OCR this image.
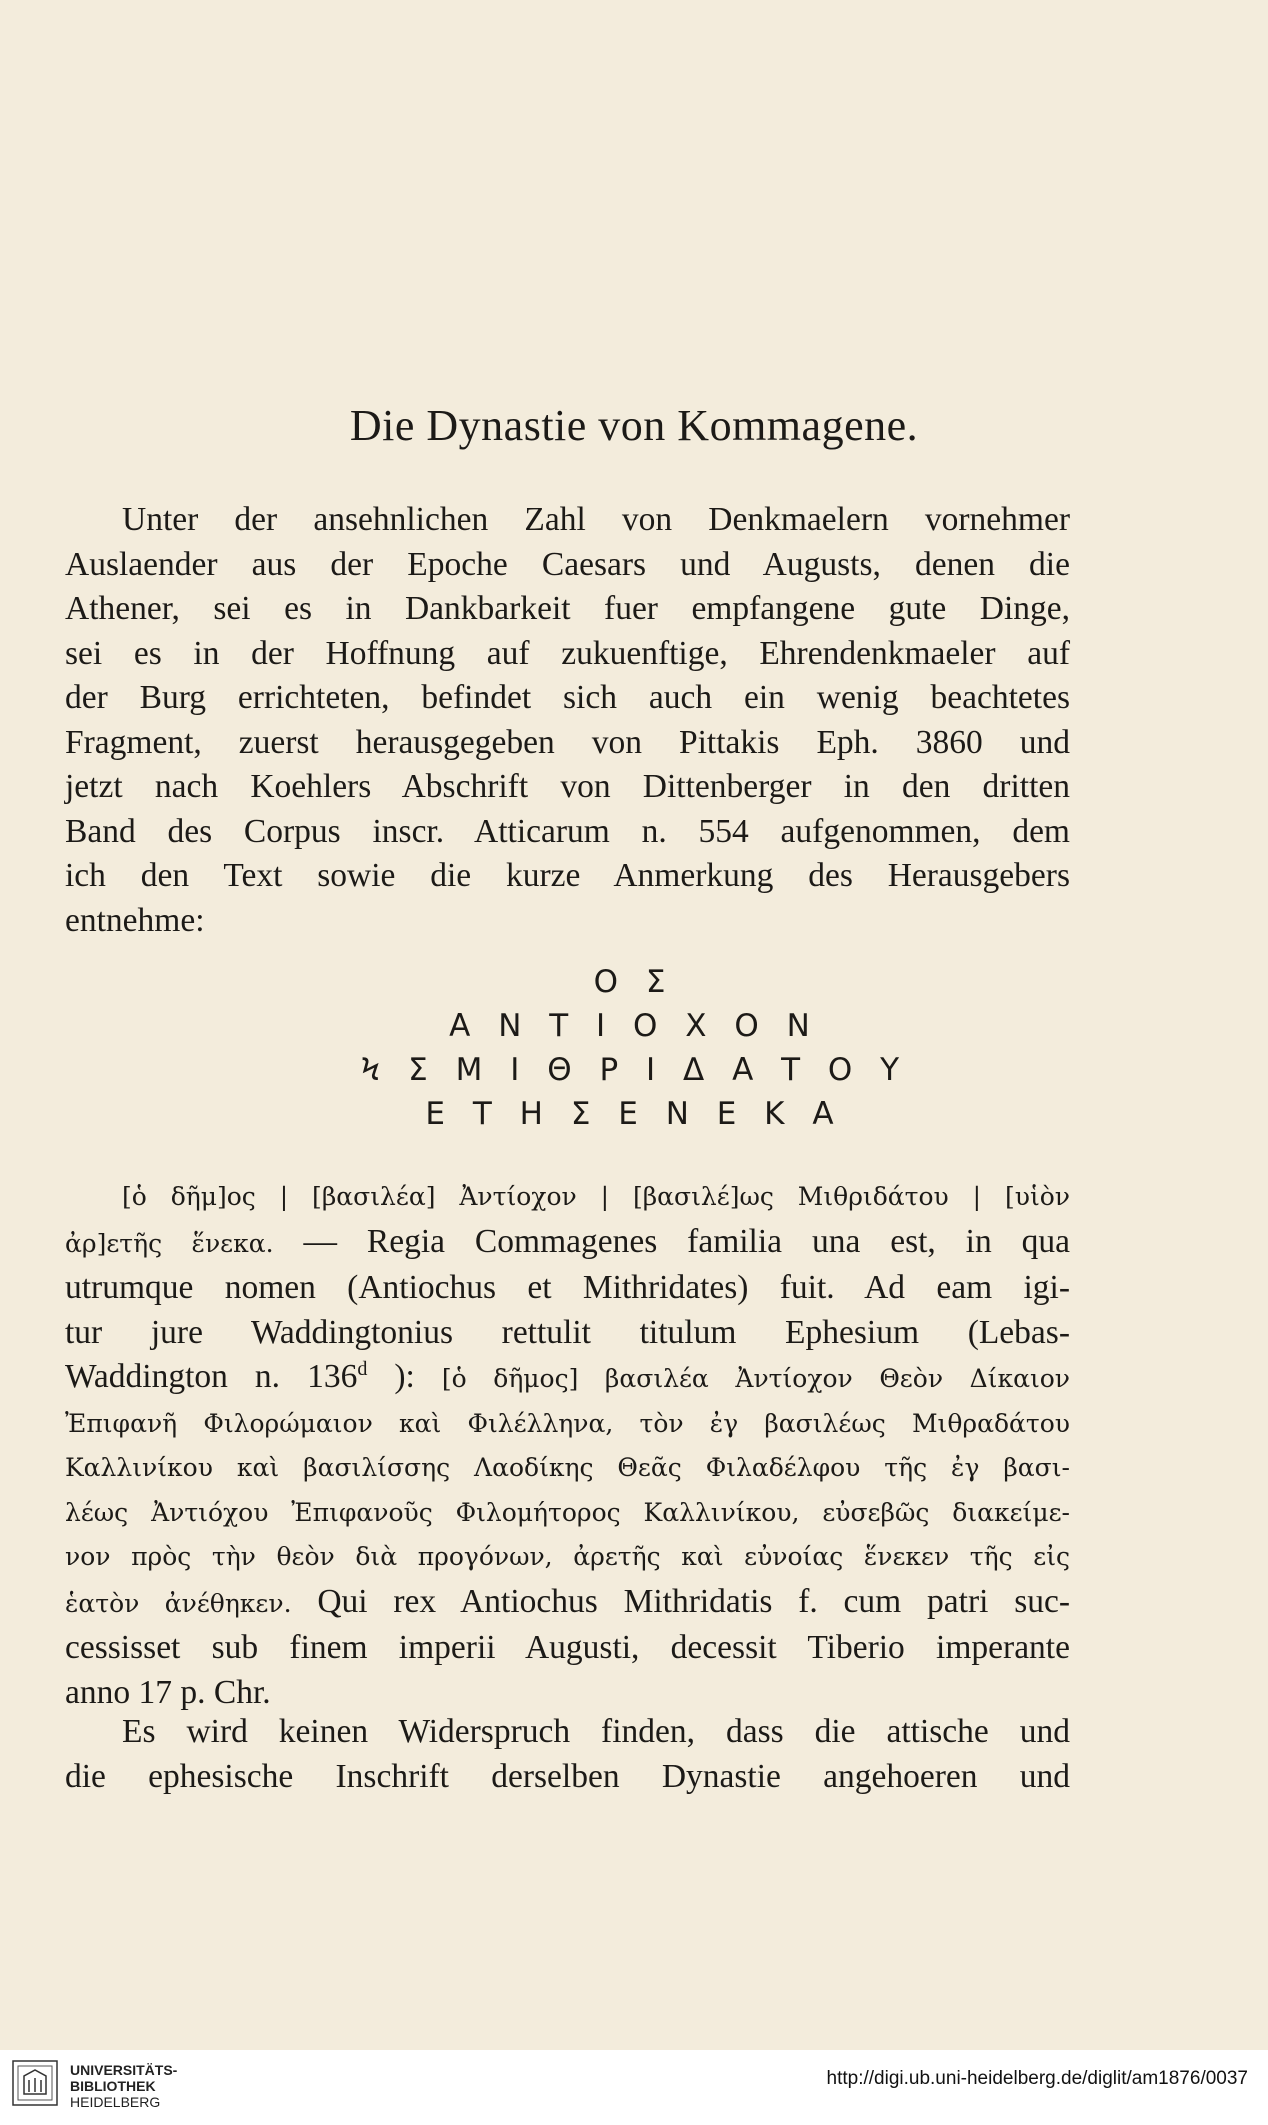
Die Dynastie von Kommagene.
Unter der ansehnlichen Zahl von Denkmaelern vornehmer
Auslaender aus der Epoche Caesars und Augusts, denen die
Athener, sei es in Dankbarkeit fuer empfangene gute Dinge,
sei es in der Hoffnung auf zukuenftige, Ehrendenkmaeler auf
der Burg errichteten, befindet sich auch ein wenig beachtetes
Fragment, zuerst herausgegeben von Pittakis Eph. 3860 und
jetzt nach Koehlers Abschrift von Dittenberger in den dritten
Band des Corpus inscr. Atticarum n. 554 aufgenommen, dem
ich den Text sowie die kurze Anmerkung des Herausgebers
entnehme:
Ο Σ
Α Ν Τ Ι Ο Χ Ο Ν
Ϟ Σ Μ Ι Θ Ρ Ι Δ Α Τ Ο Υ
Ε Τ Η Σ Ε Ν Ε Κ Α
[ὁ δῆμ]ος | [βασιλέα] Ἀντίοχον | [βασιλέ]ως Μιθριδάτου | [υἱὸν
ἀρ]ετῆς ἕνεκα. — Regia Commagenes familia una est, in qua
utrumque nomen (Antiochus et Mithridates) fuit. Ad eam igi-
tur jure Waddingtonius rettulit titulum Ephesium (Lebas-
Waddington n. 136$^d$ ): [ὁ δῆμος] βασιλέα Ἀντίοχον Θεὸν Δίκαιον
Ἐπιφανῆ Φιλορώμαιον καὶ Φιλέλληνα, τὸν ἐγ βασιλέως Μιθραδάτου
Καλλινίκου καὶ βασιλίσσης Λαοδίκης Θεᾶς Φιλαδέλφου τῆς ἐγ βασι-
λέως Ἀντιόχου Ἐπιφανοῦς Φιλομήτορος Καλλινίκου, εὐσεβῶς διακείμε-
νον πρὸς τὴν θεὸν διὰ προγόνων, ἀρετῆς καὶ εὐνοίας ἕνεκεν τῆς εἰς
ἑατὸν ἀνέθηκεν. Qui rex Antiochus Mithridatis f. cum patri suc-
cessisset sub finem imperii Augusti, decessit Tiberio imperante
anno 17 p. Chr.
Es wird keinen Widerspruch finden, dass die attische und
die ephesische Inschrift derselben Dynastie angehoeren und
UNIVERSITÄTS-
BIBLIOTHEK
HEIDELBERG
http://digi.ub.uni-heidelberg.de/diglit/am1876/0037
